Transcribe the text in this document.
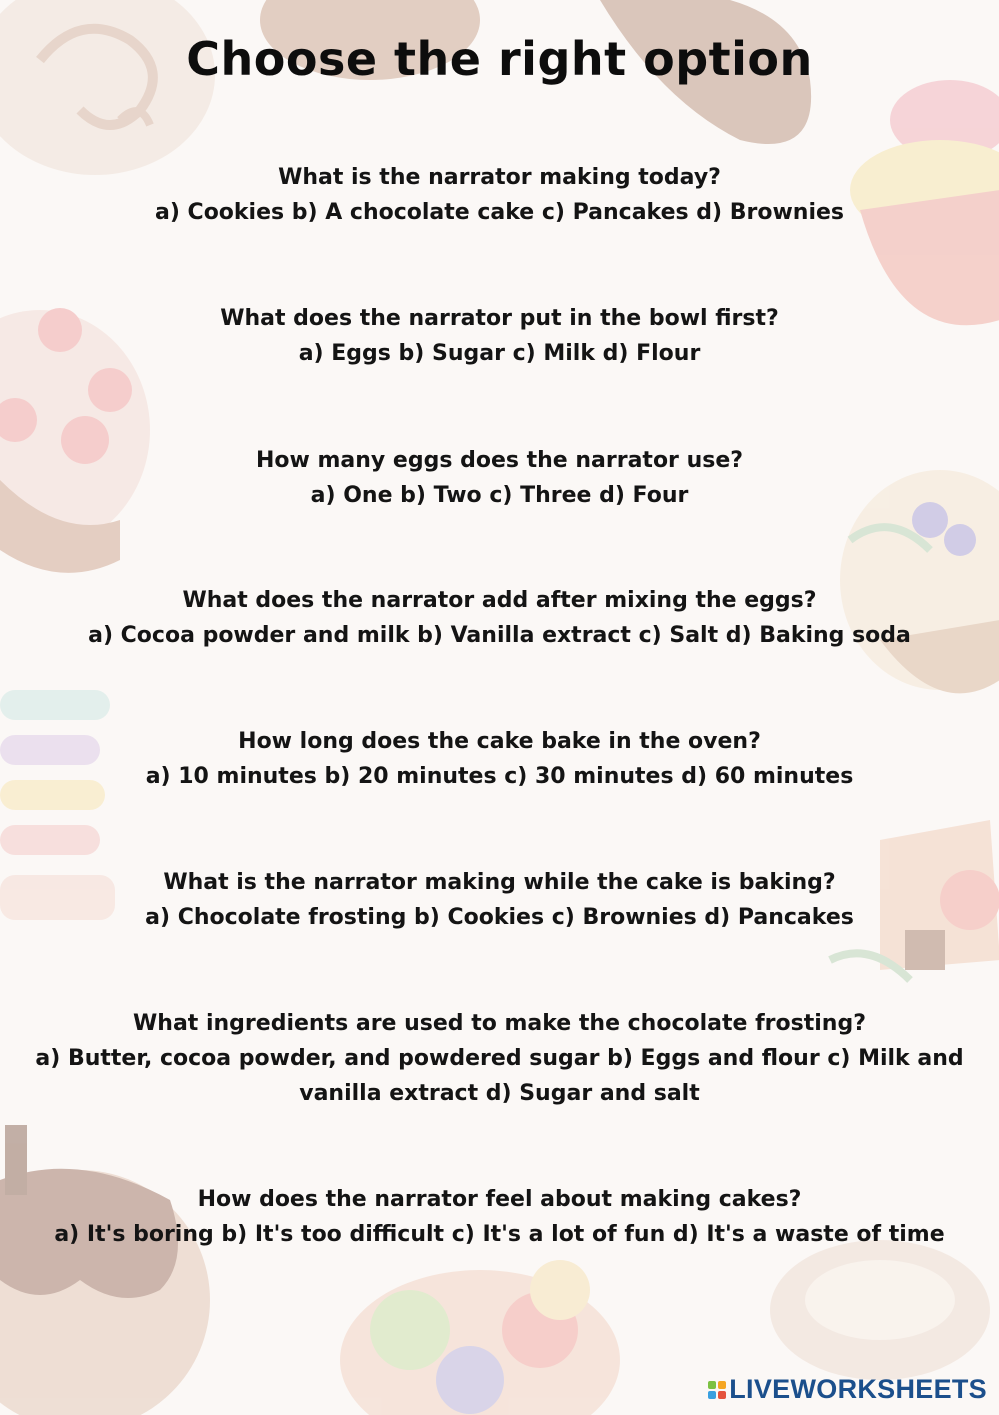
Choose the right option
What is the narrator making today?
a) Cookies b) A chocolate cake c) Pancakes d) Brownies
What does the narrator put in the bowl first?
a) Eggs b) Sugar c) Milk d) Flour
How many eggs does the narrator use?
a) One b) Two c) Three d) Four
What does the narrator add after mixing the eggs?
a) Cocoa powder and milk b) Vanilla extract c) Salt d) Baking soda
How long does the cake bake in the oven?
a) 10 minutes b) 20 minutes c) 30 minutes d) 60 minutes
What is the narrator making while the cake is baking?
a) Chocolate frosting b) Cookies c) Brownies d) Pancakes
What ingredients are used to make the chocolate frosting?
a) Butter, cocoa powder, and powdered sugar b) Eggs and flour c) Milk and vanilla extract d) Sugar and salt
How does the narrator feel about making cakes?
a) It's boring b) It's too difficult c) It's a lot of fun d) It's a waste of time
LIVEWORKSHEETS
